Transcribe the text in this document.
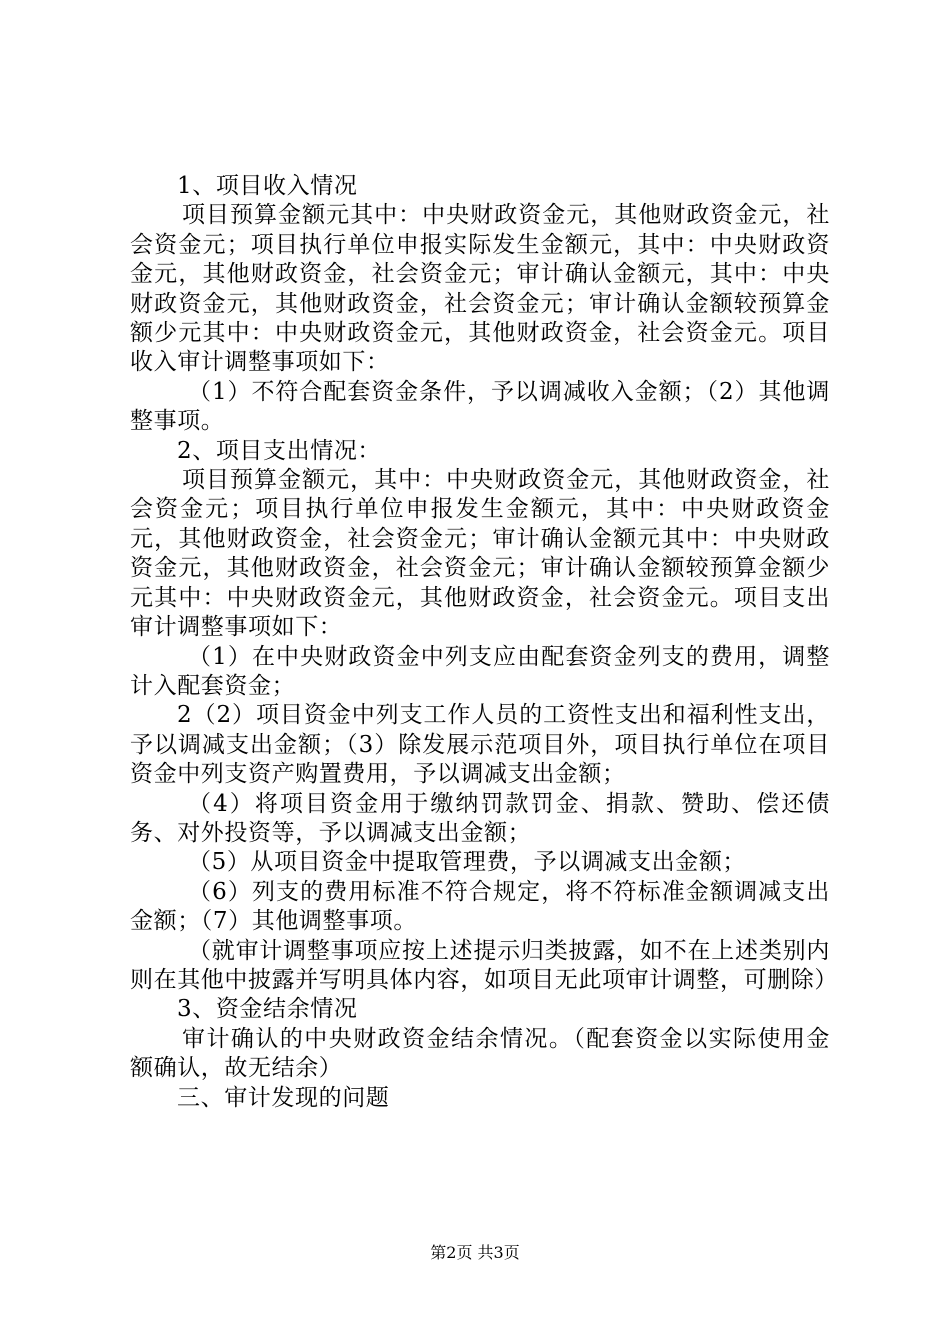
1、项目收入情况

项目预算金额元其中：中央财政资金元，其他财政资金元，社会资金元；项目执行单位申报实际发生金额元，其中：中央财政资金元，其他财政资金，社会资金元；审计确认金额元，其中：中央财政资金元，其他财政资金，社会资金元；审计确认金额较预算金额少元其中：中央财政资金元，其他财政资金，社会资金元。项目收入审计调整事项如下：

（1）不符合配套资金条件，予以调减收入金额；（2）其他调整事项。

2、项目支出情况：

项目预算金额元，其中：中央财政资金元，其他财政资金，社会资金元；项目执行单位申报发生金额元，其中：中央财政资金元，其他财政资金，社会资金元；审计确认金额元其中：中央财政资金元，其他财政资金，社会资金元；审计确认金额较预算金额少元其中：中央财政资金元，其他财政资金，社会资金元。项目支出审计调整事项如下：

（1）在中央财政资金中列支应由配套资金列支的费用，调整计入配套资金；

2（2）项目资金中列支工作人员的工资性支出和福利性支出，予以调减支出金额；（3）除发展示范项目外，项目执行单位在项目资金中列支资产购置费用，予以调减支出金额；

（4）将项目资金用于缴纳罚款罚金、捐款、赞助、偿还债务、对外投资等，予以调减支出金额；

（5）从项目资金中提取管理费，予以调减支出金额；

（6）列支的费用标准不符合规定，将不符标准金额调减支出金额；（7）其他调整事项。

（就审计调整事项应按上述提示归类披露，如不在上述类别内则在其他中披露并写明具体内容，如项目无此项审计调整，可删除）

3、资金结余情况

审计确认的中央财政资金结余情况。（配套资金以实际使用金额确认，故无结余）

三、审计发现的问题

第2页 共3页
